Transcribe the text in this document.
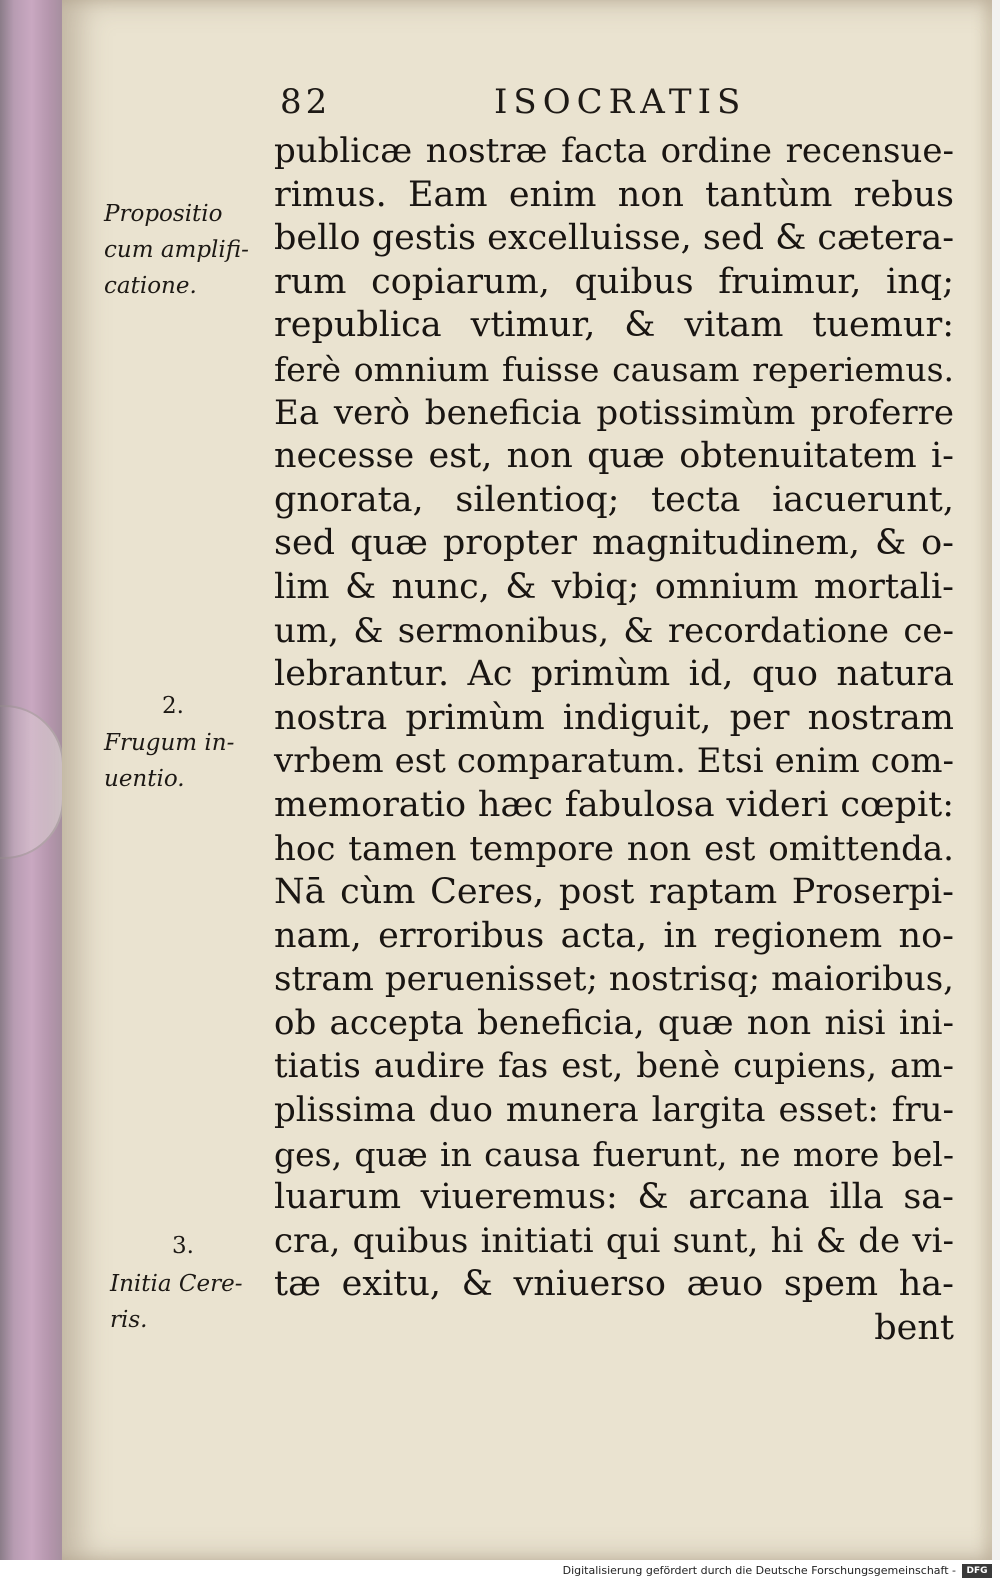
82	ISOCRATIS
Propositio
cum amplifi-
catione.
2.
Frugum in-
uentio.
3.
Initia Cere-
ris.
publicæ nostræ facta ordine recensue-
rimus. Eam enim non tantùm rebus
bello gestis excelluisse, sed & cætera-
rum copiarum, quibus fruimur, inq;
republica vtimur, & vitam tuemur:
ferè omnium fuisse causam reperiemus.
Ea verò beneficia potissimùm proferre
necesse est, non quæ obtenuitatem i-
gnorata, silentioq; tecta iacuerunt,
sed quæ propter magnitudinem, & o-
lim & nunc, & vbiq; omnium mortali-
um, & sermonibus, & recordatione ce-
lebrantur. Ac primùm id, quo natura
nostra primùm indiguit, per nostram
vrbem est comparatum. Etsi enim com-
memoratio hæc fabulosa videri cœpit:
hoc tamen tempore non est omittenda.
Nā cùm Ceres, post raptam Proserpi-
nam, erroribus acta, in regionem no-
stram peruenisset; nostrisq; maioribus,
ob accepta beneficia, quæ non nisi ini-
tiatis audire fas est, benè cupiens, am-
plissima duo munera largita esset: fru-
ges, quæ in causa fuerunt, ne more bel-
luarum viueremus: & arcana illa sa-
cra, quibus initiati qui sunt, hi & de vi-
tæ exitu, & vniuerso æuo spem ha-
bent
Digitalisierung gefördert durch die Deutsche Forschungsgemeinschaft -	DFG
